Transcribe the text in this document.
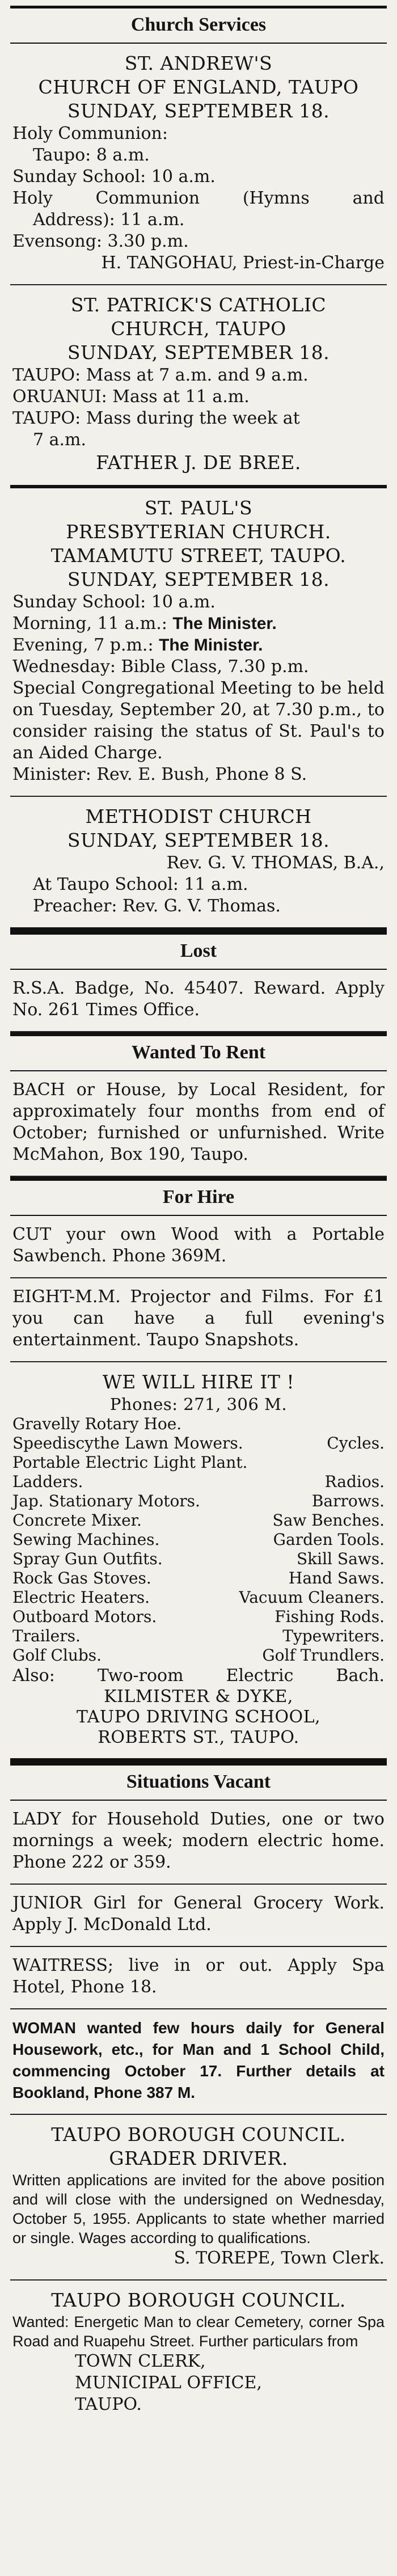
Church Services
ST. ANDREW'S
CHURCH OF ENGLAND, TAUPO
SUNDAY, SEPTEMBER 18.

Holy Communion:

Taupo: 8 a.m.

Sunday School: 10 a.m.

Holy Communion (Hymns and

Address): 11 a.m.

Evensong: 3.30 p.m.

H. TANGOHAU, Priest-in-Charge
ST. PATRICK'S CATHOLIC
CHURCH, TAUPO
SUNDAY, SEPTEMBER 18.

TAUPO: Mass at 7 a.m. and 9 a.m.

ORUANUI: Mass at 11 a.m.

TAUPO: Mass during the week at

7 a.m.

FATHER J. DE BREE.
ST. PAUL'S
PRESBYTERIAN CHURCH.
TAMAMUTU STREET, TAUPO.
SUNDAY, SEPTEMBER 18.

Sunday School: 10 a.m.

Morning, 11 a.m.: The Minister.

Evening, 7 p.m.: The Minister.

Wednesday: Bible Class, 7.30 p.m.

Special Congregational Meeting to be held on Tuesday, September 20, at 7.30 p.m., to consider raising the status of St. Paul's to an Aided Charge.

Minister: Rev. E. Bush, Phone 8 S.

METHODIST CHURCH
SUNDAY, SEPTEMBER 18.
Rev. G. V. THOMAS, B.A.,

At Taupo School: 11 a.m.

Preacher: Rev. G. V. Thomas.

Lost

R.S.A. Badge, No. 45407. Reward. Apply No. 261 Times Office.

Wanted To Rent

BACH or House, by Local Resident, for approximately four months from end of October; furnished or unfurnished. Write McMahon, Box 190, Taupo.

For Hire

CUT your own Wood with a Portable Sawbench. Phone 369M.

EIGHT-M.M. Projector and Films. For £1 you can have a full evening's entertainment. Taupo Snapshots.

WE WILL HIRE IT !
Phones: 271, 306 M.
Gravelly Rotary Hoe.
Speediscythe Lawn Mowers.	Cycles.
Portable Electric Light Plant.
Ladders.	Radios.
Jap. Stationary Motors.	Barrows.
Concrete Mixer.	Saw Benches.
Sewing Machines.	Garden Tools.
Spray Gun Outfits.	Skill Saws.
Rock Gas Stoves.	Hand Saws.
Electric Heaters.	Vacuum Cleaners.
Outboard Motors.	Fishing Rods.
Trailers.	Typewriters.
Golf Clubs.	Golf Trundlers.

Also: Two-room Electric Bach.

KILMISTER & DYKE,
TAUPO DRIVING SCHOOL,
ROBERTS ST., TAUPO.
Situations Vacant

LADY for Household Duties, one or two mornings a week; modern electric home. Phone 222 or 359.

JUNIOR Girl for General Grocery Work. Apply J. McDonald Ltd.

WAITRESS; live in or out. Apply Spa Hotel, Phone 18.

WOMAN wanted few hours daily for General Housework, etc., for Man and 1 School Child, commencing October 17. Further details at Bookland, Phone 387 M.

TAUPO BOROUGH COUNCIL.
GRADER DRIVER.

Written applications are invited for the above position and will close with the undersigned on Wednesday, October 5, 1955. Applicants to state whether married or single. Wages according to qualifications.

S. TOREPE, Town Clerk.
TAUPO BOROUGH COUNCIL.

Wanted: Energetic Man to clear Cemetery, corner Spa Road and Ruapehu Street. Further particulars from

TOWN CLERK,
MUNICIPAL OFFICE,
TAUPO.
